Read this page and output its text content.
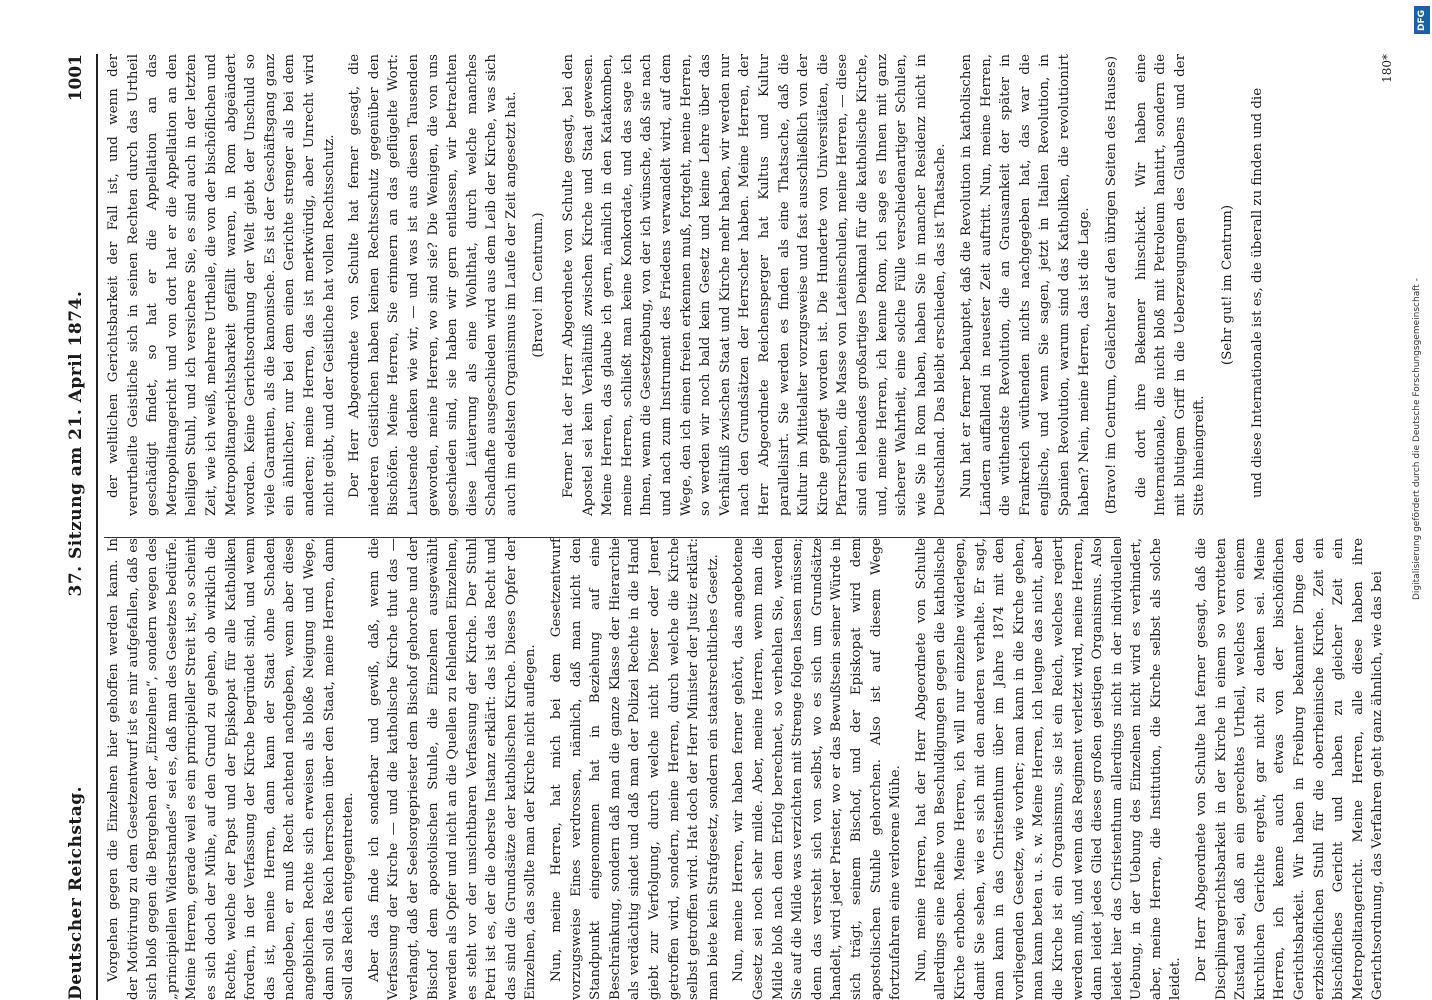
Deutscher Reichstag.
37. Sitzung am 21. April 1874.
1001

Vorgehen gegen die Einzelnen hier gehoffen werden kann. In der Motivirung zu dem Gesetzentwurf ist es mir aufgefallen, daß es sich bloß gegen die Bergehen der „Einzelnen“, sondern wegen des „principiellen Widerstandes“ sei es, daß man des Gesetzes bedürfe. Meine Herren, gerade weil es ein principieller Streit ist, so scheint es sich doch der Mühe, auf den Grund zu gehen, ob wirklich die Rechte, welche der Papst und der Episkopat für alle Katholiken fordern, in der Verfassung der Kirche begründet sind, und wenn das ist, meine Herren, dann kann der Staat ohne Schaden nachgeben, er muß Recht achtend nachgeben, wenn aber diese angeblichen Rechte sich erweisen als bloße Neigung und Wege, dann soll das Reich herrschen über den Staat, meine Herren, dann soll das Reich entgegentreten. Aber das finde ich sonderbar und gewiß, daß, wenn die Verfassung der Kirche — und die katholische Kirche thut das — verlangt, daß der Seelsorgepriester dem Bischof gehorche und der Bischof dem apostolischen Stuhle, die Einzelnen ausgewählt werden als Opfer und nicht an die Quellen zu fehlenden Einzelnen, es steht vor der unsichtbaren Verfassung der Kirche. Der Stuhl Petri ist es, der die oberste Instanz erklärt: das ist das Recht und das sind die Grundsätze der katholischen Kirche. Dieses Opfer der Einzelnen, das sollte man der Kirche nicht auflegen. Nun, meine Herren, hat mich bei dem Gesetzentwurf vorzugsweise Eines verdrossen, nämlich, daß man nicht den Standpunkt eingenommen hat in Beziehung auf eine Beschränkung, sondern daß man die ganze Klasse der Hierarchie als verdächtig sindet und daß man der Polizei Rechte in die Hand giebt zur Verfolgung, durch welche nicht Dieser oder Jener getroffen wird, sondern, meine Herren, durch welche die Kirche selbst getroffen wird. Hat doch der Herr Minister der Justiz erklärt: man biete kein Strafgesetz, sondern ein staatsrechtliches Gesetz. Nun, meine Herren, wir haben ferner gehört, das angebotene Gesetz sei noch sehr milde. Aber, meine Herren, wenn man die Milde bloß nach dem Erfolg berechnet, so verhehlen Sie, werden Sie auf die Milde was verzichten mit Strenge folgen lassen müssen; denn das versteht sich von selbst, wo es sich um Grundsätze handelt, wird jeder Priester, wo er das Bewußtsein seiner Würde in sich trägt, seinem Bischof, und der Episkopat wird dem apostolischen Stuhle gehorchen. Also ist auf diesem Wege fortzufahren eine verlorene Mühe. Nun, meine Herren, hat der Herr Abgeordnete von Schulte allerdings eine Reihe von Beschuldigungen gegen die katholische Kirche erhoben. Meine Herren, ich will nur einzelne widerlegen, damit Sie sehen, wie es sich mit den anderen verhalte. Er sagt, man kann in das Christenthum über im Jahre 1874 mit den vorliegenden Gesetze, wie vorher; man kann in die Kirche gehen, man kann beten u. s. w. Meine Herren, ich leugne das nicht, aber die Kirche ist ein Organismus, sie ist ein Reich, welches regiert werden muß, und wenn das Regiment verletzt wird, meine Herren, dann leidet jedes Glied dieses großen geistigen Organismus. Also leidet hier das Christenthum allerdings nicht in der individuellen Uebung, in der Uebung des Einzelnen nicht wird es verhindert, aber, meine Herren, die Institution, die Kirche selbst als solche leidet. Der Herr Abgeordnete von Schulte hat ferner gesagt, daß die Disciplinargerichtsbarkeit in der Kirche in einem so verrotteten Zustand sei, daß an ein gerechtes Urtheil, welches von einem kirchlichen Gerichte ergeht, gar nicht zu denken sei. Meine Herren, ich kenne auch etwas von der bischöflichen Gerichtsbarkeit. Wir haben in Freiburg bekannter Dinge den erzbischöflichen Stuhl für die oberrheinische Kirche. Zeit ein bischöfliches Gericht und haben zu gleicher Zeit ein Metropolitangericht. Meine Herren, alle diese haben ihre Gerichtsordnung, das Verfahren geht ganz ähnlich, wie das bei

der weltlichen Gerichtsbarkeit der Fall ist, und wenn der verurtheilte Geistliche sich in seinen Rechten durch das Urtheil geschädigt findet, so hat er die Appellation an das Metropolitangericht und von dort hat er die Appellation an den heiligen Stuhl, und ich versichere Sie, es sind auch in der letzten Zeit, wie ich weiß, mehrere Urtheile, die von der bischöflichen und Metropolitangerichtsbarkeit gefällt waren, in Rom abgeändert worden. Keine Gerichtsordnung der Welt giebt der Unschuld so viele Garantien, als die kanonische. Es ist der Geschäftsgang ganz ein ähnlicher, nur bei dem einen Gerichte strenger als bei dem anderen; meine Herren, das ist merkwürdig, aber Unrecht wird nicht geübt, und der Geistliche hat vollen Rechtsschutz. Der Herr Abgeordnete von Schulte hat ferner gesagt, die niederen Geistlichen haben keinen Rechtsschutz gegenüber den Bischöfen. Meine Herren, Sie erinnern an das geflügelte Wort: Lautsende denken wie wir, — und was ist aus diesen Tausenden geworden, meine Herren, wo sind sie? Die Wenigen, die von uns geschieden sind, sie haben wir gern entlassen, wir betrachten diese Läuterung als eine Wohlthat, durch welche manches Schadhafte ausgeschieden wird aus dem Leib der Kirche, was sich auch im edelsten Organismus im Laufe der Zeit angesetzt hat. (Bravo! im Centrum.) Ferner hat der Herr Abgeordnete von Schulte gesagt, bei den Apostel sei kein Verhältniß zwischen Kirche und Staat gewesen. Meine Herren, das glaube ich gern, nämlich in den Katakomben, meine Herren, schließt man keine Konkordate, und das sage ich Ihnen, wenn die Gesetzgebung, von der ich wünsche, daß sie nach und nach zum Instrument des Friedens verwandelt wird, auf dem Wege, den ich einen freien erkennen muß, fortgeht, meine Herren, so werden wir noch bald kein Gesetz und keine Lehre über das Verhältniß zwischen Staat und Kirche mehr haben, wir werden nur nach den Grundsätzen der Herrscher haben. Meine Herren, der Herr Abgeordnete Reichensperger hat Kultus und Kultur parallelisirt. Sie werden es finden als eine Thatsache, daß die Kultur im Mittelalter vorzugsweise und fast ausschließlich von der Kirche gepflegt worden ist. Die Hunderte von Universitäten, die Pfarrschulen, die Masse von Lateinschulen, meine Herren, — diese sind ein lebendes großartiges Denkmal für die katholische Kirche, und, meine Herren, ich kenne Rom, ich sage es Ihnen mit ganz sicherer Wahrheit, eine solche Fülle verschiedenartiger Schulen, wie Sie in Rom haben, haben Sie in mancher Residenz nicht in Deutschland. Das bleibt erschieden, das ist Thatsache. Nun hat er ferner behauptet, daß die Revolution in katholischen Ländern auffallend in neuester Zeit auftritt. Nun, meine Herren, die wüthendste Revolution, die an Grausamkeit der später in Frankreich wüthenden nichts nachgegeben hat, das war die englische, und wenn Sie sagen, jetzt in Italien Revolution, in Spanien Revolution, warum sind das Katholiken, die revolutionirt haben? Nein, meine Herren, das ist die Lage. (Bravo! im Centrum, Gelächter auf den übrigen Seiten des Hauses) die dort ihre Bekenner hinschickt. Wir haben eine Internationale, die nicht bloß mit Petroleum hantirt, sondern die mit blutigem Griff in die Ueberzeugungen des Glaubens und der Sitte hineingreift.

(Sehr gut! im Centrum) und diese Internationale ist es, die überall zu finden und die

180*
DFG
Digitalisierung gefördert durch die Deutsche Forschungsgemeinschaft -
